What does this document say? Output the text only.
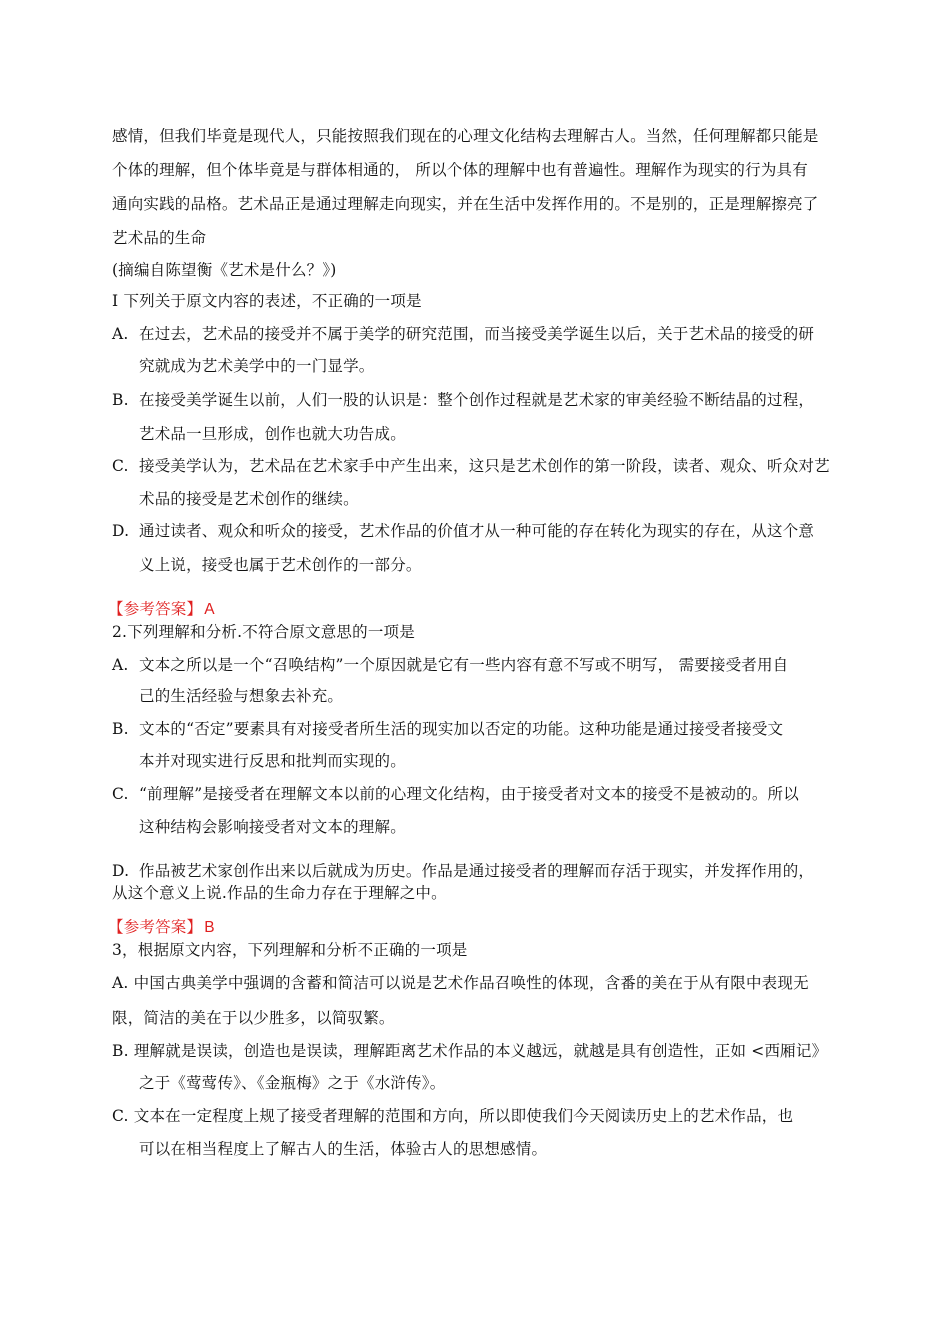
感情，但我们毕竟是现代人，只能按照我们现在的心理文化结构去理解古人。当然，任何理解都只能是
个体的理解，但个体毕竟是与群体相通的， 所以个体的理解中也有普遍性。理解作为现实的行为具有
通向实践的品格。艺术品正是通过理解走向现实，并在生活中发挥作用的。不是别的，正是理解擦亮了
艺术品的生命
(摘编自陈望衡《艺术是什么？》)
I 下列关于原文内容的表述，不正确的一项是
A. 在过去，艺术品的接受并不属于美学的研究范围，而当接受美学诞生以后，关于艺术品的接受的研
究就成为艺术美学中的一门显学。
B. 在接受美学诞生以前，人们一股的认识是：整个创作过程就是艺术家的审美经验不断结晶的过程，
艺术品一旦形成，创作也就大功告成。
C. 接受美学认为，艺术品在艺术家手中产生出来，这只是艺术创作的第一阶段，读者、观众、听众对艺
术品的接受是艺术创作的继续。
D. 通过读者、观众和听众的接受，艺术作品的价值才从一种可能的存在转化为现实的存在，从这个意
义上说，接受也属于艺术创作的一部分。
【参考答案】 A
2.下列理解和分析.不符合原文意思的一项是
A. 文本之所以是一个“召唤结构”一个原因就是它有一些内容有意不写或不明写， 需要接受者用自
己的生活经验与想象去补充。
B. 文本的“否定”要素具有对接受者所生活的现实加以否定的功能。这种功能是通过接受者接受文
本并对现实进行反思和批判而实现的。
C. “前理解”是接受者在理解文本以前的心理文化结构，由于接受者对文本的接受不是被动的。所以
这种结构会影响接受者对文本的理解。
D. 作品被艺术家创作出来以后就成为历史。作品是通过接受者的理解而存活于现实，并发挥作用的，
从这个意义上说.作品的生命力存在于理解之中。
【参考答案】 B
3，根据原文内容，下列理解和分析不正确的一项是
A. 中国古典美学中强调的含蓄和简洁可以说是艺术作品召唤性的体现，含番的美在于从有限中表现无
限，简洁的美在于以少胜多，以简驭繁。
B. 理解就是误读，创造也是误读，理解距离艺术作品的本义越远，就越是具有创造性，正如 <西厢记》
之于《莺莺传》、《金瓶梅》之于《水浒传》。
C. 文本在一定程度上规了接受者理解的范围和方向，所以即使我们今天阅读历史上的艺术作品，也
可以在相当程度上了解古人的生活，体验古人的思想感情。
